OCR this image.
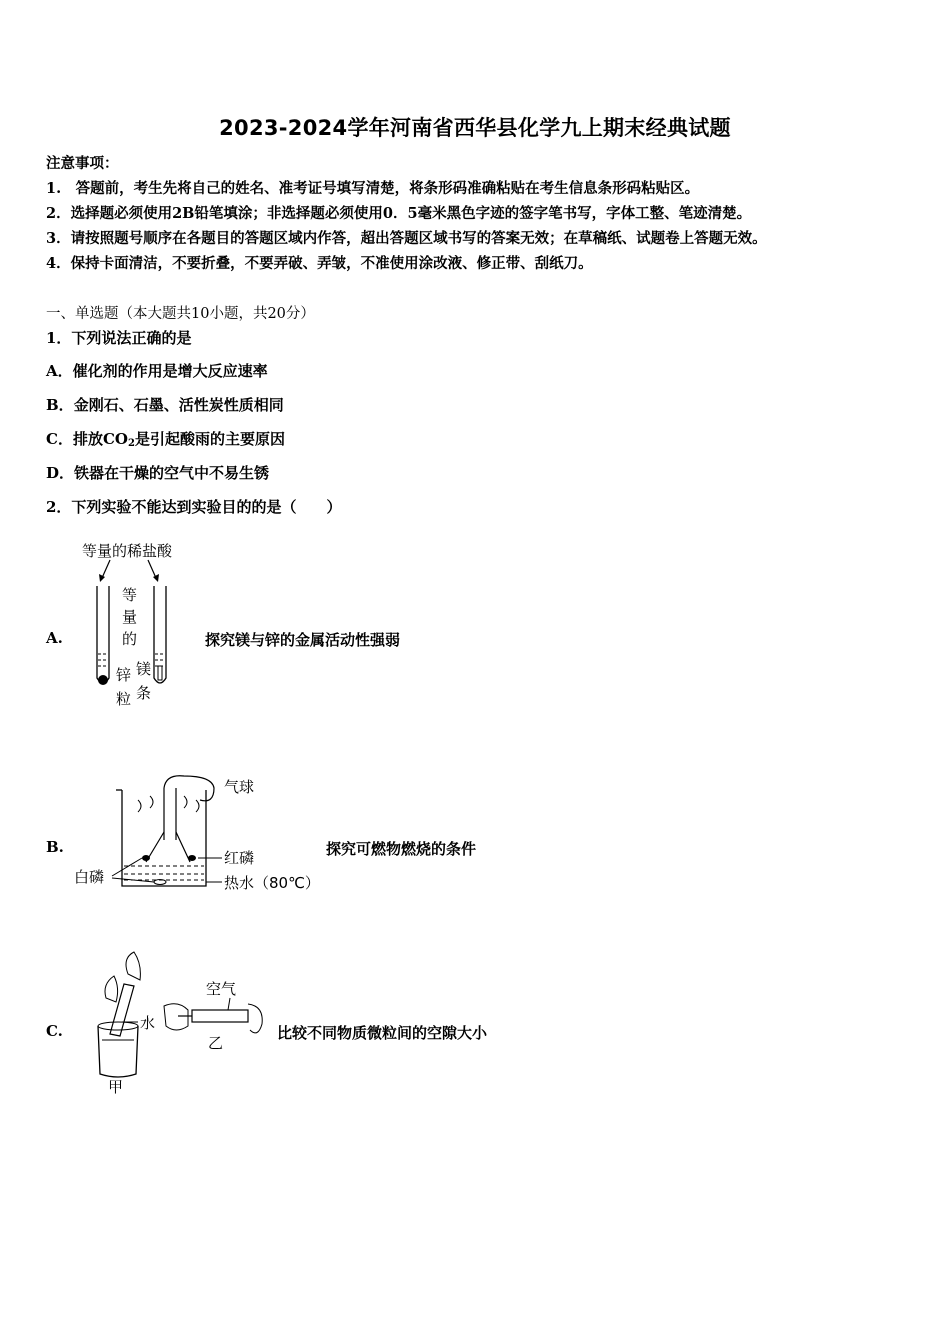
2023-2024学年河南省西华县化学九上期末经典试题
注意事项：
1.　答题前，考生先将自己的姓名、准考证号填写清楚，将条形码准确粘贴在考生信息条形码粘贴区。
2．选择题必须使用2B铅笔填涂；非选择题必须使用0．5毫米黑色字迹的签字笔书写，字体工整、笔迹清楚。
3．请按照题号顺序在各题目的答题区域内作答，超出答题区域书写的答案无效；在草稿纸、试题卷上答题无效。
4．保持卡面清洁，不要折叠，不要弄破、弄皱，不准使用涂改液、修正带、刮纸刀。
一、单选题（本大题共10小题，共20分）
1．下列说法正确的是
A．催化剂的作用是增大反应速率
B．金刚石、石墨、活性炭性质相同
C．排放$CO_2$是引起酸雨的主要原因
D．铁器在干燥的空气中不易生锈
2．下列实验不能达到实验目的的是（　　）
A.	探究镁与锌的金属活动性强弱
等量的稀盐酸
等
量
的
锌
粒
镁
条
B.	探究可燃物燃烧的条件
气球
红磷
白磷	热水（80℃）
C.	比较不同物质微粒间的空隙大小
水
甲
空气
乙
